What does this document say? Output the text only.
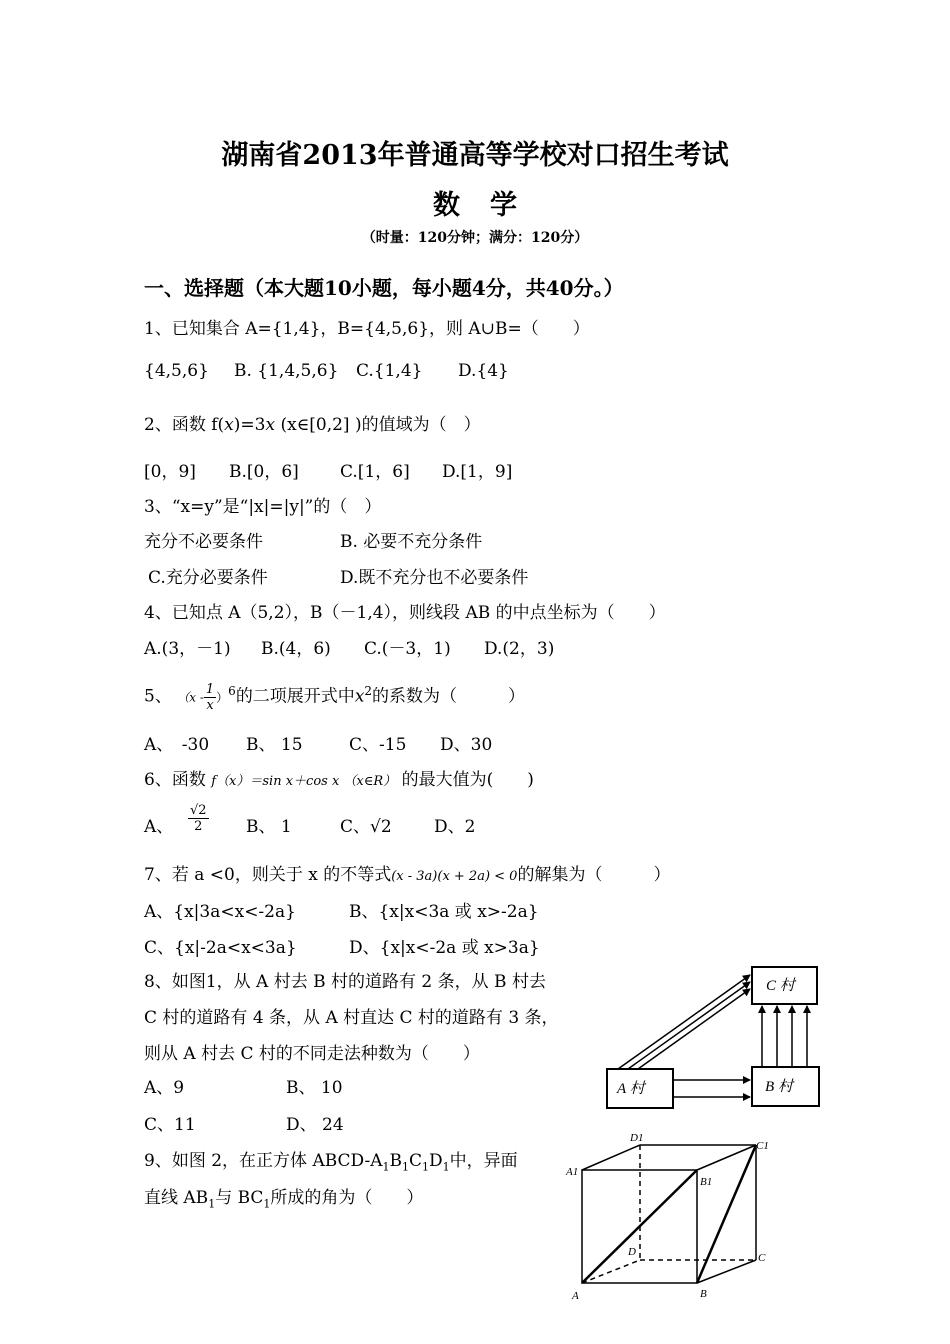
湖南省2013年普通高等学校对口招生考试
数学
（时量：120分钟；满分：120分）
一、选择题（本大题10小题，每小题4分，共40分。）
1、已知集合 A={1,4}，B={4,5,6}，则 A∪B=（　　）
{4,5,6} B. {1,4,5,6} C.{1,4} D.{4}
2、函数 f(x)=3x (x∈[0,2] )的值域为（　）
[0，9] B.[0，6] C.[1，6] D.[1，9]
3、“x=y”是“|x|=|y|”的（　）
充分不必要条件	B. 必要不充分条件
C.充分必要条件	D.既不充分也不必要条件
4、已知点 A（5,2），B（－1,4），则线段 AB 的中点坐标为（　　）
A.(3，－1) B.(4，6) C.(－3，1) D.(2，3)
5、 $(x - \frac{1}{x} )^6$的二项展开式中$x^2$的系数为（　　　）
A、　-30 B、 15	C、-15 D、30
6、函数 f（x）＝sin x＋cos x （x∈R） 的最大值为(　　)
A、 $\frac{√2}{2}$ B、 1	C、√2 D、2
7、若 a <0，则关于 x 的不等式(x - 3a)(x + 2a) < 0的解集为（　　　）
A、{x|3a<x<-2a}	B、{x|x<3a 或 x>-2a}
C、{x|-2a<x<3a}	D、{x|x<-2a 或 x>3a}
8、如图1，从 A 村去 B 村的道路有 2 条，从 B 村去
C 村的道路有 4 条，从 A 村直达 C 村的道路有 3 条，
则从 A 村去 C 村的不同走法种数为（　　）
A、9	B、 10
C、11	D、 24
9、如图 2，在正方体 ABCD-$A_1B_1C_1D_1$中，异面
直线 $AB_1$与 $BC_1$所成的角为（　　）
C 村
A 村	B 村
D1
C1
A1
B1
D	C
A	B
